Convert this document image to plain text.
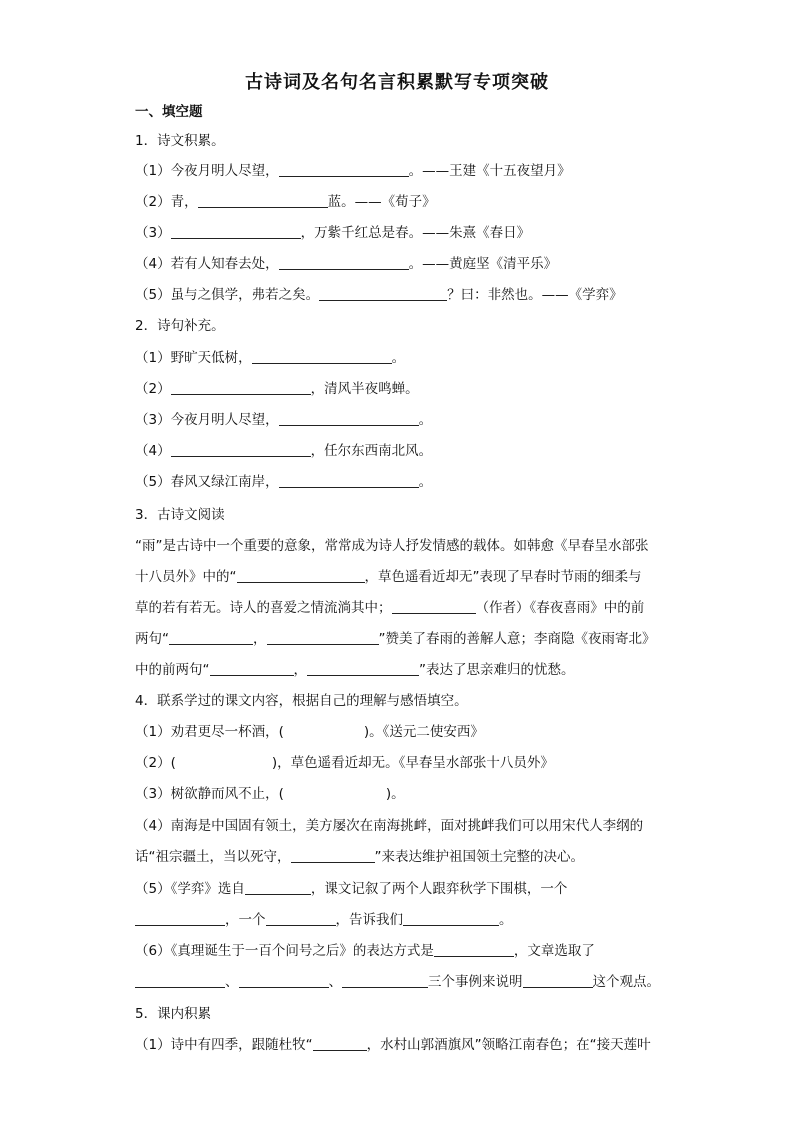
古诗词及名句名言积累默写专项突破
一、填空题
1．诗文积累。
（1）今夜月明人尽望，	。——王建《十五夜望月》
（2）青，	蓝。——《荀子》
（3）	，万紫千红总是春。——朱熹《春日》
（4）若有人知春去处，	。——黄庭坚《清平乐》
（5）虽与之俱学，弗若之矣。	？曰：非然也。——《学弈》
2．诗句补充。
（1）野旷天低树，	。
（2）	，清风半夜鸣蝉。
（3）今夜月明人尽望，	。
（4）	，任尔东西南北风。
（5）春风又绿江南岸，	。
3．古诗文阅读
“雨”是古诗中一个重要的意象，常常成为诗人抒发情感的载体。如韩愈《早春呈水部张
十八员外》中的“	，草色遥看近却无”表现了早春时节雨的细柔与
草的若有若无。诗人的喜爱之情流淌其中；	（作者）《春夜喜雨》中的前
两句“	，	”赞美了春雨的善解人意；李商隐《夜雨寄北》
中的前两句“	，	”表达了思亲难归的忧愁。
4．联系学过的课文内容，根据自己的理解与感悟填空。
（1）劝君更尽一杯酒，(	)。《送元二使安西》
（2）(	)，草色遥看近却无。《早春呈水部张十八员外》
（3）树欲静而风不止，(	)。
（4）南海是中国固有领土，美方屡次在南海挑衅，面对挑衅我们可以用宋代人李纲的
话“祖宗疆土，当以死守，	”来表达维护祖国领土完整的决心。
（5）《学弈》选自	，课文记叙了两个人跟弈秋学下围棋，一个
，一个	，告诉我们	。
（6）《真理诞生于一百个问号之后》的表达方式是	，文章选取了
、	、	三个事例来说明	这个观点。
5．课内积累
（1）诗中有四季，跟随杜牧“	，水村山郭酒旗风”领略江南春色；在“接天莲叶
